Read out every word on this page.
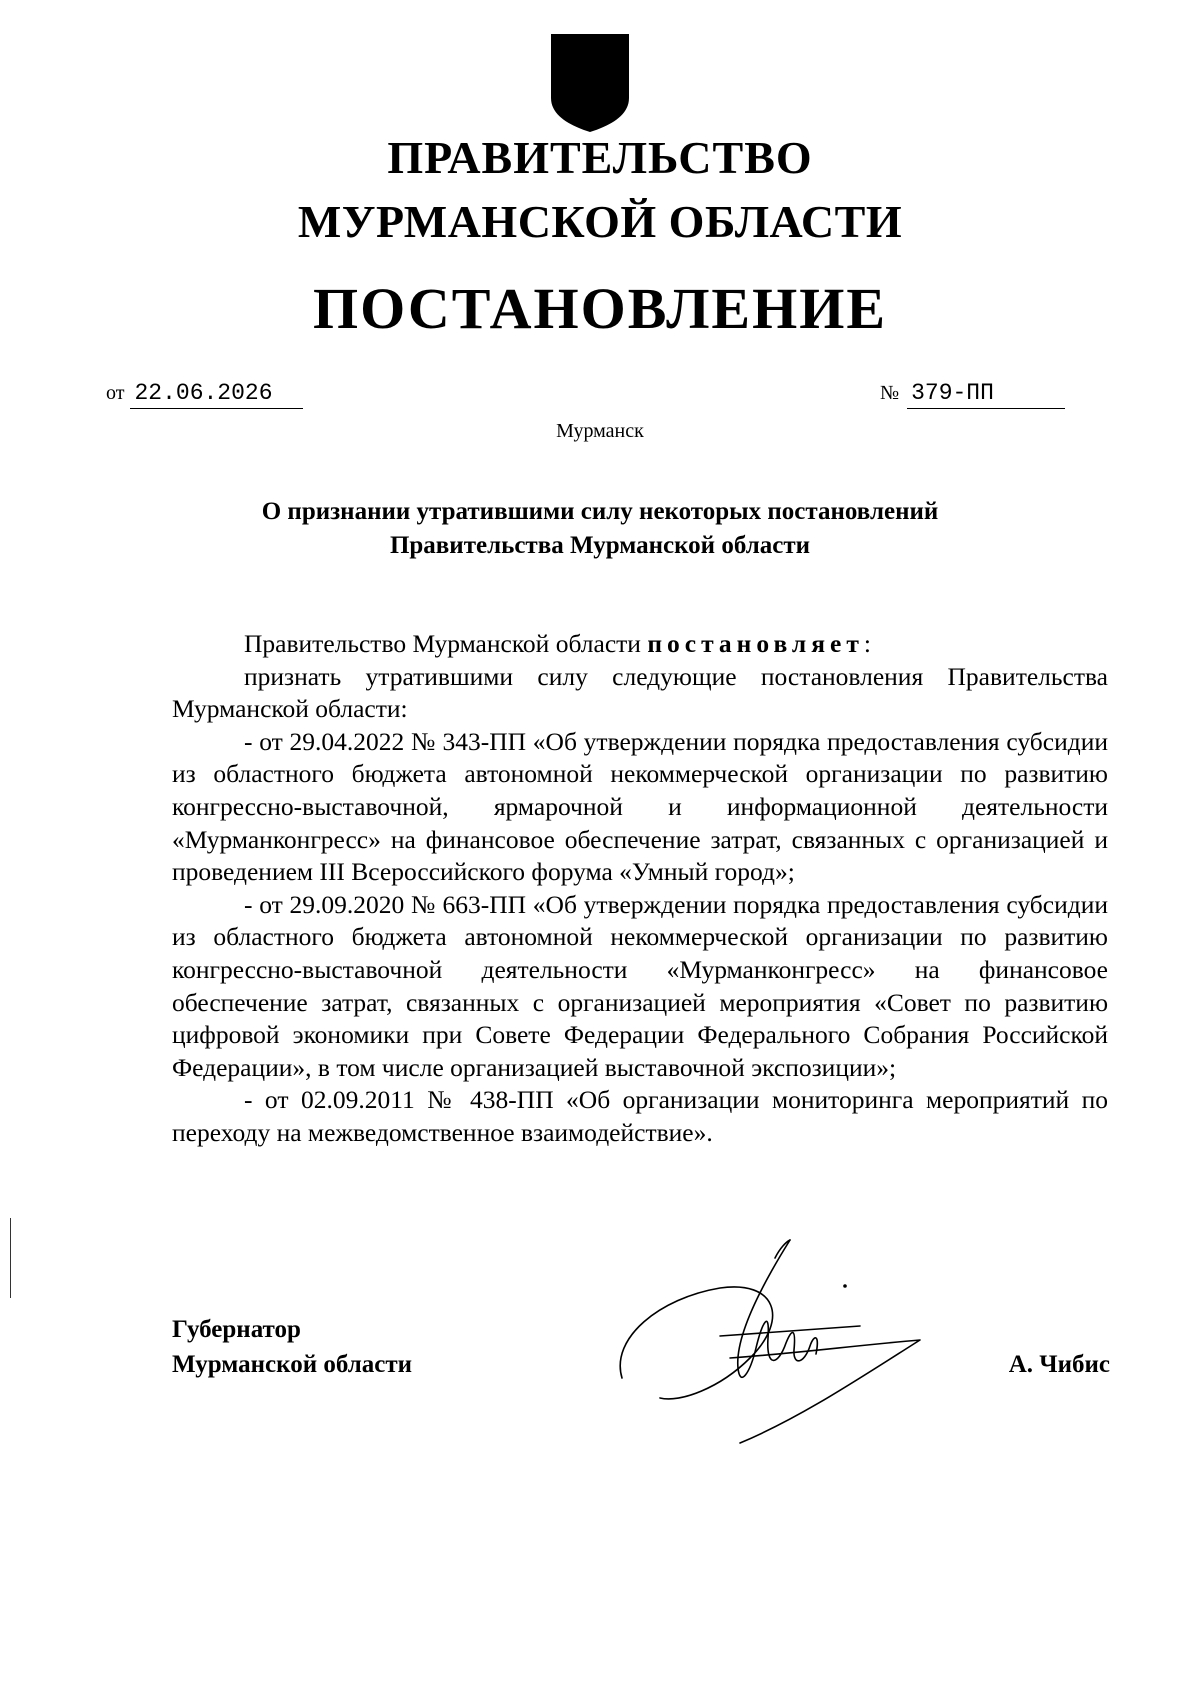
ПРАВИТЕЛЬСТВО
МУРМАНСКОЙ ОБЛАСТИ
ПОСТАНОВЛЕНИЕ
от 22.06.2026	№ 379-ПП
Мурманск
О признании утратившими силу некоторых постановлений
Правительства Мурманской области

Правительство Мурманской области постановляет:

признать утратившими силу следующие постановления Правительства Мурманской области:

- от 29.04.2022 № 343-ПП «Об утверждении порядка предоставления субсидии из областного бюджета автономной некоммерческой организации по развитию конгрессно-выставочной, ярмарочной и информационной деятельности «Мурманконгресс» на финансовое обеспечение затрат, связанных с организацией и проведением III Всероссийского форума «Умный город»;

- от 29.09.2020 № 663-ПП «Об утверждении порядка предоставления субсидии из областного бюджета автономной некоммерческой организации по развитию конгрессно-выставочной деятельности «Мурманконгресс» на финансовое обеспечение затрат, связанных с организацией мероприятия «Совет по развитию цифровой экономики при Совете Федерации Федерального Собрания Российской Федерации», в том числе организацией выставочной экспозиции»;

- от 02.09.2011 № 438-ПП «Об организации мониторинга мероприятий по переходу на межведомственное взаимодействие».

Губернатор
Мурманской области	А. Чибис
